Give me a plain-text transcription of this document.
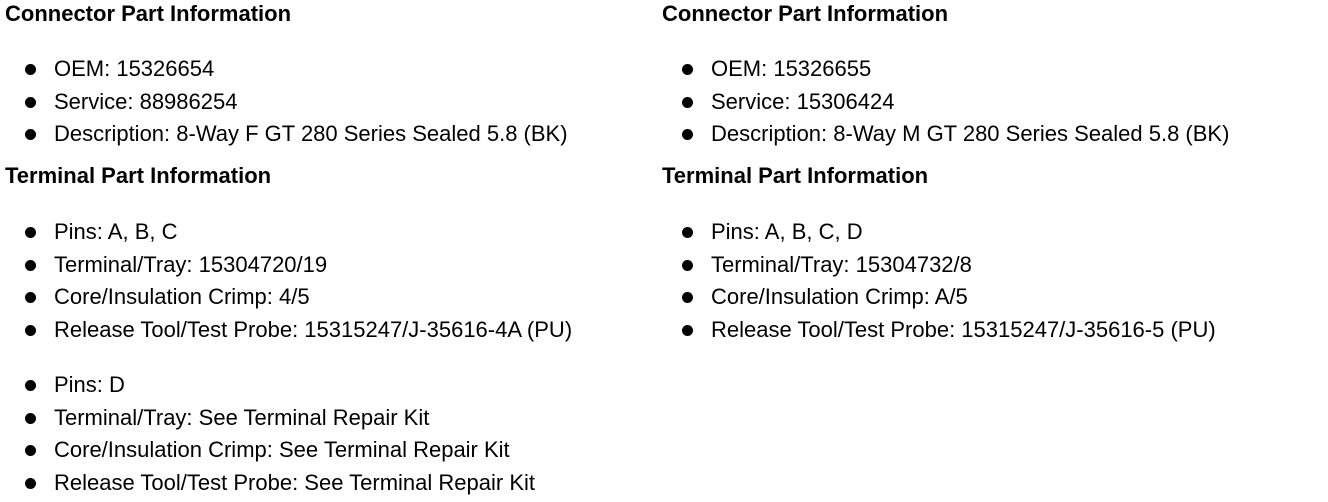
Connector Part Information
OEM: 15326654
Service: 88986254
Description: 8-Way F GT 280 Series Sealed 5.8 (BK)
Terminal Part Information
Pins: A, B, C
Terminal/Tray: 15304720/19
Core/Insulation Crimp: 4/5
Release Tool/Test Probe: 15315247/J-35616-4A (PU)
Pins: D
Terminal/Tray: See Terminal Repair Kit
Core/Insulation Crimp: See Terminal Repair Kit
Release Tool/Test Probe: See Terminal Repair Kit
Connector Part Information
OEM: 15326655
Service: 15306424
Description: 8-Way M GT 280 Series Sealed 5.8 (BK)
Terminal Part Information
Pins: A, B, C, D
Terminal/Tray: 15304732/8
Core/Insulation Crimp: A/5
Release Tool/Test Probe: 15315247/J-35616-5 (PU)
